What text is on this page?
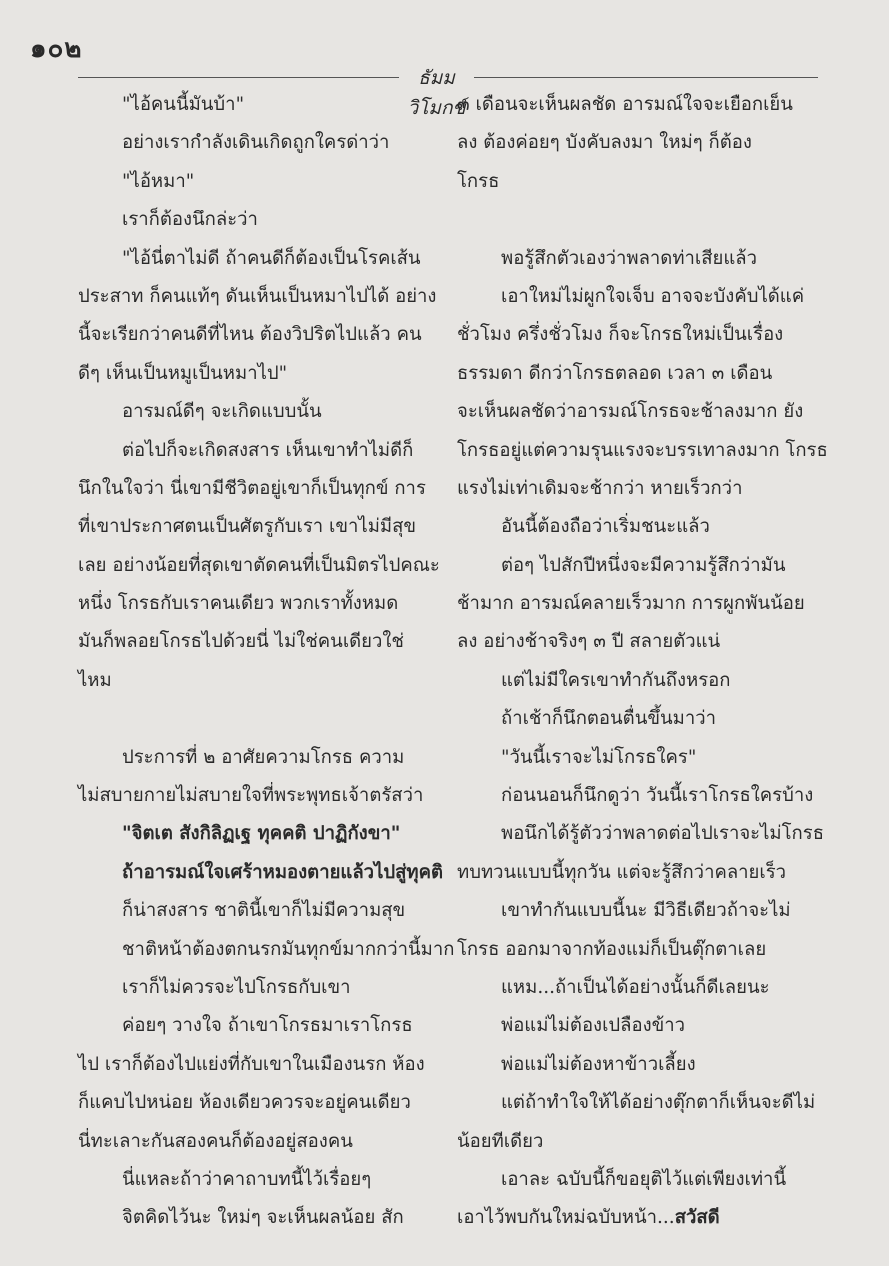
๑๐๒
ธัมมวิโมกข์
"ไอ้คนนี้มันบ้า"
อย่างเรากำลังเดินเกิดถูกใครด่าว่า
"ไอ้หมา"
เราก็ต้องนึกล่ะว่า
"ไอ้นี่ตาไม่ดี ถ้าคนดีก็ต้องเป็นโรคเส้น
ประสาท ก็คนแท้ๆ ดันเห็นเป็นหมาไปได้ อย่าง
นี้จะเรียกว่าคนดีที่ไหน ต้องวิปริตไปแล้ว คน
ดีๆ เห็นเป็นหมูเป็นหมาไป"
อารมณ์ดีๆ จะเกิดแบบนั้น
ต่อไปก็จะเกิดสงสาร เห็นเขาทำไม่ดีก็
นึกในใจว่า นี่เขามีชีวิตอยู่เขาก็เป็นทุกข์ การ
ที่เขาประกาศตนเป็นศัตรูกับเรา เขาไม่มีสุข
เลย อย่างน้อยที่สุดเขาตัดคนที่เป็นมิตรไปคณะ
หนึ่ง โกรธกับเราคนเดียว พวกเราทั้งหมด
มันก็พลอยโกรธไปด้วยนี่ ไม่ใช่คนเดียวใช่
ไหม
ประการที่ ๒ อาศัยความโกรธ ความ
ไม่สบายกายไม่สบายใจที่พระพุทธเจ้าตรัสว่า
"จิตเต สังกิลิฏเฐ ทุคคติ ปาฏิกังขา"
ถ้าอารมณ์ใจเศร้าหมองตายแล้วไปสู่ทุคติ
ก็น่าสงสาร ชาตินี้เขาก็ไม่มีความสุข
ชาติหน้าต้องตกนรกมันทุกข์มากกว่านี้มาก
เราก็ไม่ควรจะไปโกรธกับเขา
ค่อยๆ วางใจ ถ้าเขาโกรธมาเราโกรธ
ไป เราก็ต้องไปแย่งที่กับเขาในเมืองนรก ห้อง
ก็แคบไปหน่อย ห้องเดียวควรจะอยู่คนเดียว
นี่ทะเลาะกันสองคนก็ต้องอยู่สองคน
นี่แหละถ้าว่าคาถาบทนี้ไว้เรื่อยๆ
จิตคิดไว้นะ ใหม่ๆ จะเห็นผลน้อย สัก
๓ เดือนจะเห็นผลชัด อารมณ์ใจจะเยือกเย็น
ลง ต้องค่อยๆ บังคับลงมา ใหม่ๆ ก็ต้อง
โกรธ
พอรู้สึกตัวเองว่าพลาดท่าเสียแล้ว
เอาใหม่ไม่ผูกใจเจ็บ อาจจะบังคับได้แค่
ชั่วโมง ครึ่งชั่วโมง ก็จะโกรธใหม่เป็นเรื่อง
ธรรมดา ดีกว่าโกรธตลอด เวลา ๓ เดือน
จะเห็นผลชัดว่าอารมณ์โกรธจะช้าลงมาก ยัง
โกรธอยู่แต่ความรุนแรงจะบรรเทาลงมาก โกรธ
แรงไม่เท่าเดิมจะช้ากว่า หายเร็วกว่า
อันนี้ต้องถือว่าเริ่มชนะแล้ว
ต่อๆ ไปสักปีหนึ่งจะมีความรู้สึกว่ามัน
ช้ามาก อารมณ์คลายเร็วมาก การผูกพันน้อย
ลง อย่างช้าจริงๆ ๓ ปี สลายตัวแน่
แต่ไม่มีใครเขาทำกันถึงหรอก
ถ้าเช้าก็นึกตอนตื่นขึ้นมาว่า
"วันนี้เราจะไม่โกรธใคร"
ก่อนนอนก็นึกดูว่า วันนี้เราโกรธใครบ้าง
พอนึกได้รู้ตัวว่าพลาดต่อไปเราจะไม่โกรธ
ทบทวนแบบนี้ทุกวัน แต่จะรู้สึกว่าคลายเร็ว
เขาทำกันแบบนี้นะ มีวิธีเดียวถ้าจะไม่
โกรธ ออกมาจากท้องแม่ก็เป็นตุ๊กตาเลย
แหม...ถ้าเป็นได้อย่างนั้นก็ดีเลยนะ
พ่อแม่ไม่ต้องเปลืองข้าว
พ่อแม่ไม่ต้องหาข้าวเลี้ยง
แต่ถ้าทำใจให้ได้อย่างตุ๊กตาก็เห็นจะดีไม่
น้อยทีเดียว
เอาละ ฉบับนี้ก็ขอยุติไว้แต่เพียงเท่านี้
เอาไว้พบกันใหม่ฉบับหน้า...สวัสดี
